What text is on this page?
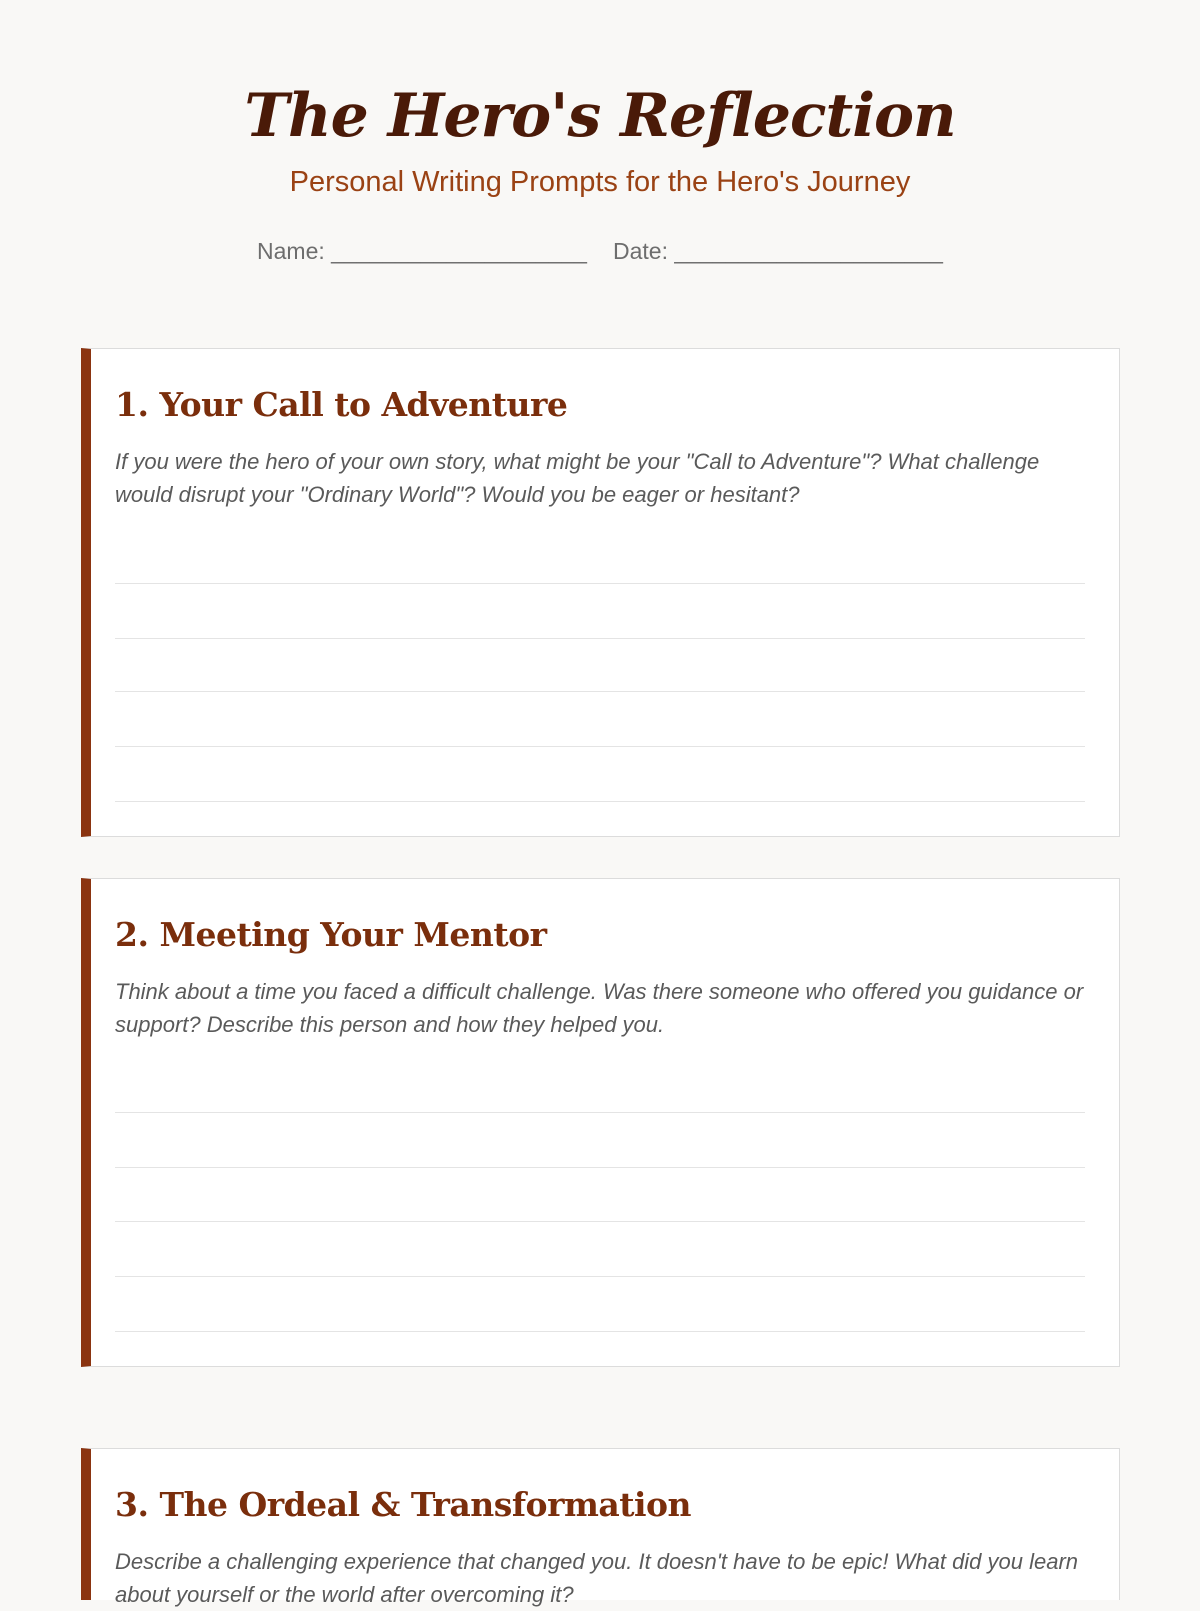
The Hero's Reflection

Personal Writing Prompts for the Hero's Journey

Name: ____________________ Date: _____________________
1. Your Call to Adventure

If you were the hero of your own story, what might be your "Call to Adventure"? What challenge would disrupt your "Ordinary World"? Would you be eager or hesitant?

2. Meeting Your Mentor

Think about a time you faced a difficult challenge. Was there someone who offered you guidance or support? Describe this person and how they helped you.

3. The Ordeal & Transformation

Describe a challenging experience that changed you. It doesn't have to be epic! What did you learn about yourself or the world after overcoming it?
